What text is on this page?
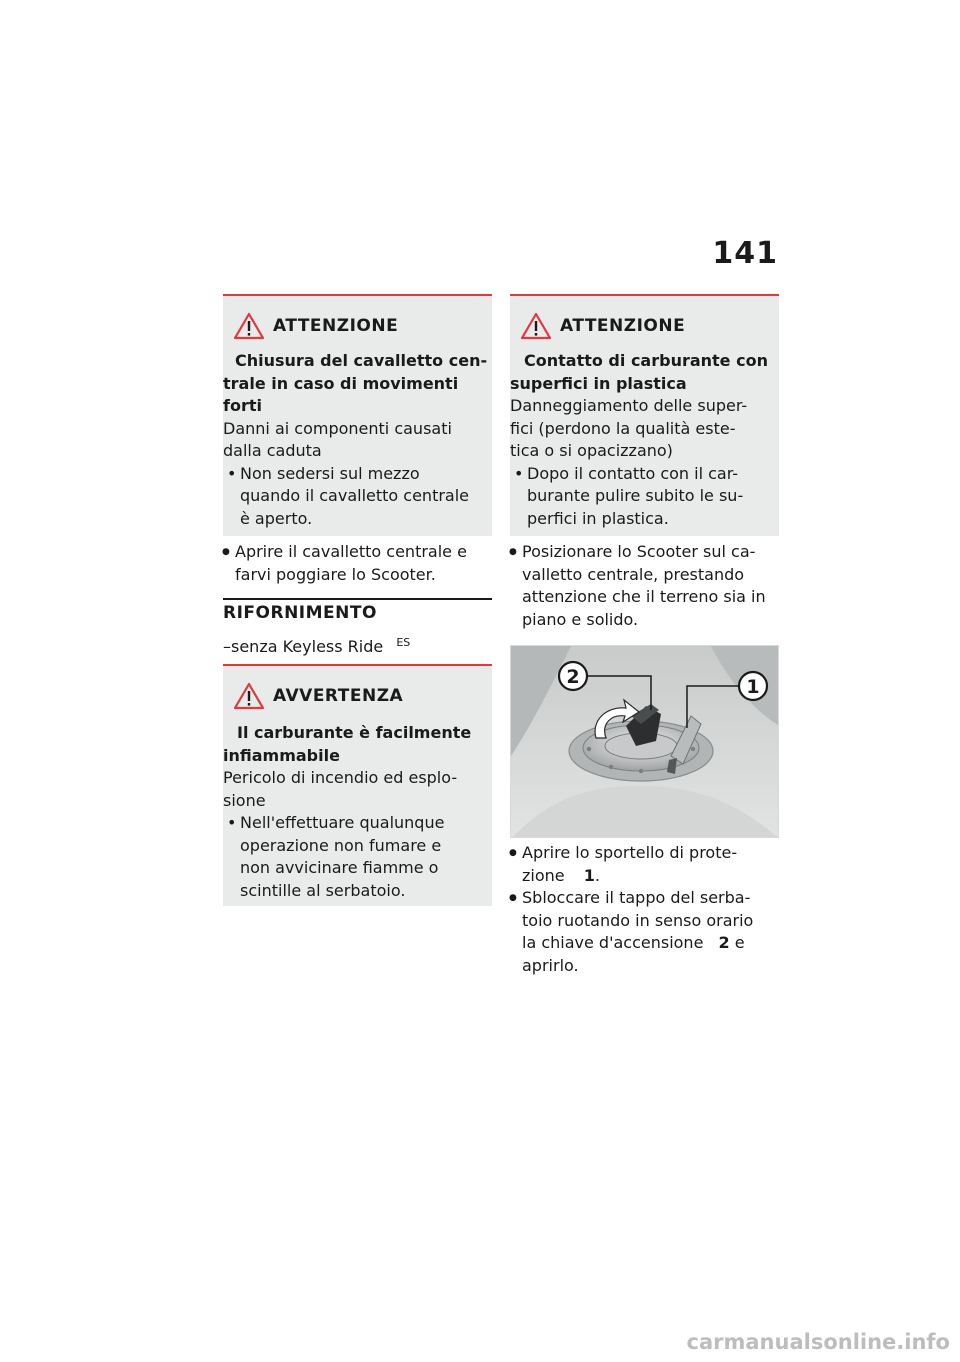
141
ATTENZIONE
Chiusura del cavalletto cen-
trale in caso di movimenti
forti
Danni ai componenti causati
dalla caduta
• Non sedersi sul mezzo
quando il cavalletto centrale
è aperto.
● Aprire il cavalletto centrale e
farvi poggiare lo Scooter.
RIFORNIMENTO
–senza Keyless Ride $^{ES}$
AVVERTENZA
Il carburante è facilmente
infiammabile
Pericolo di incendio ed esplo-
sione
• Nell'effettuare qualunque
operazione non fumare e
non avvicinare fiamme o
scintille al serbatoio.
ATTENZIONE
Contatto di carburante con
superfici in plastica
Danneggiamento delle super-
fici (perdono la qualità este-
tica o si opacizzano)
• Dopo il contatto con il car-
burante pulire subito le su-
perfici in plastica.
● Posizionare lo Scooter sul ca-
valletto centrale, prestando
attenzione che il terreno sia in
piano e solido.
2	1
● Aprire lo sportello di prote-
zione 1.
● Sbloccare il tappo del serba-
toio ruotando in senso orario
la chiave d'accensione 2 e
aprirlo.
carmanualsonline.info
